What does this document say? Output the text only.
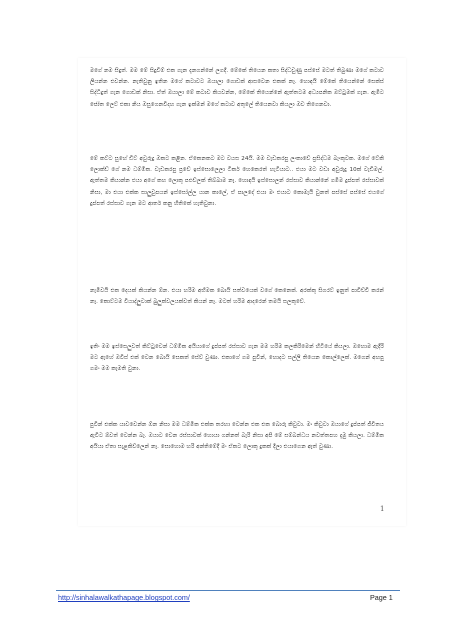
මගේ නම සිදුත්. මම මේ සිදුවීම් එක ගැන දැනගන්නේ ලගදී. මේකේ තියෙන කතා සිද්ධවුණු පස්සේ මටත් තිබුණා මගේ කටාව ලියන්න එවන්න. නැතිවුනු ඉතින මගේ කටාවට ඔයාලා ගොඩක් ආසවෙන එකක් නෑ. හොඳයි මේකේ තියෙන්නේ සෙක්ස් සිද්ධිදුත් ගැන ගොඩක් නිසා. ඒත් ඔයාලා මේ කටාව කියවන්න, මේකේ තියෙන්නේ ඇත්තටම අධ්‍යපනික ඔට්ටුමක් ගැන. ඇමිට ජෝත ලෙට් එකා නිය ඔසුගෙනවිදහ ගැන ඉක්මන් මගේ කටාව අතුලේ තියෙනවා කියලා ඔව තිගෙනවා.

මේ කට්ට සුහේ ඩිට් අවුරුදු ඔකට කළින. ඒකෙනකට මට වයස 24යි. මම වැඩකරපු ලංකාවේ ප්‍රසිද්ධම බැංකුවක. මගේ ටේකි ලොක්ඩ් ගේ නම ධම්මික. වැඩකරපු ප්‍රවේ ඉස්සොලෙලා ටිකර් හෙකෙරත් හැටියාට.. එයා මට වඩා අවුරුදු 10ක් වැඩිමල්. ඇත්තම කියාන්න එයා අගේ කහ ලොකු පළුව්ලක් තිබ්බාම නෑ. හොඳයි ඉස්සොලන් රස්සාව කියාන්නේ ගමිම දුප්පත් රස්සාවක් නිසා, මා එයා එක්ක සාලුවුපයන් ඉස්සෝල්ල යාන කාලේ, ඒ පාලදේ එයා මං එයාට කොමැයි වුනත් පස්සේ පස්සේ එයගේ දුප්පත් රස්සාව ගැන මට ආර්ත කනු හිතිකේ හැතිවුනා.

නැමිවයි එක දෙයක් කියන්න ඕන. එයා හරිම අභිමක බොයි සත්වයෙක් වගේ කෙනෙක්. අරක්කු සිගරට් ඉනුත් පාවිච්චි කරන් නෑ. කොට්ටම වියාද්ලුවාක් බුලුක්වලයක්වත් කියන් නෑ. මටත් හරිම ආදරෙන් තමයි සලකුවේ.

ඉතිං මම ඉස්සෙලුවත් කිට්ටුවෙන් ධම්මික අයියාගේ දුප්පත් රස්සාව ගැන මම හරිම කලකිරිමෙන් හිටියේ කියලා. ඔහොම ඇදිරි මට ඇහේ ඔවිස් එක් වෙන බොයි සෙකත් සේව් වුණා. එකාගේ ගම පුවින්, හොදට සල්ලි තියෙන කොල්ලෙක්. මගෙන් අහපු ගමං මම කැමති වුනා.

පුවින් එක්ක යාවවෙන්න ඕන නිසා මම ධම්මික එක්ක තරහා වෙන්න එක එක බොරු කිවුවා. මං කිවුවා ඔයාගේ දුප්පත් ජීවිතය ඇවිට ඕවත් වෙන්න බෑ. ඔයාට වෙන රස්සාවක් හොයා ගන්නත් බැරි නිසා අපි මේ සම්බන්ධය නවත්තපහ දැමු කියලා. ධම්මික අයියා ඒතා සැළකිව්ලෙන් නෑ. සොහොම හරි අන්තිමේදී මං ඒකට ලොකු දුකක් දීලා එයාගෙන ඈත් වුණා.

1
http://sinhalawalkathapage.blogspot.com/	Page 1
